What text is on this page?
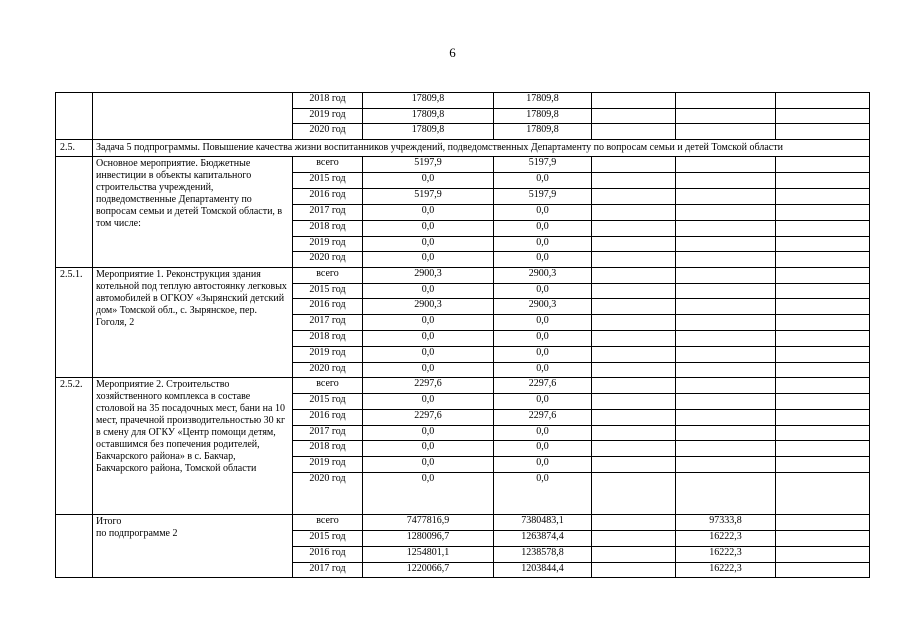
6
		2018 год	17809,8	17809,8			
		2019 год	17809,8	17809,8			
		2020 год	17809,8	17809,8			
2.5.	Задача 5 подпрограммы. Повышение качества жизни воспитанников учреждений, подведомственных Департаменту по вопросам семьи и детей Томской области						
	Основное мероприятие. Бюджетные инвестиции в объекты капитального строительства учреждений, подведомственные Департаменту по вопросам семьи и детей Томской области, в том числе:	всего	5197,9	5197,9			
		2015 год	0,0	0,0			
		2016 год	5197,9	5197,9			
		2017 год	0,0	0,0			
		2018 год	0,0	0,0			
		2019 год	0,0	0,0			
		2020 год	0,0	0,0			
2.5.1.	Мероприятие 1. Реконструкция здания котельной под теплую автостоянку легковых автомобилей в ОГКОУ «Зырянский детский дом» Томской обл., с. Зырянское, пер. Гоголя, 2	всего	2900,3	2900,3			
		2015 год	0,0	0,0			
		2016 год	2900,3	2900,3			
		2017 год	0,0	0,0			
		2018 год	0,0	0,0			
		2019 год	0,0	0,0			
		2020 год	0,0	0,0			
2.5.2.	Мероприятие 2. Строительство хозяйственного комплекса в составе столовой на 35 посадочных мест, бани на 10 мест, прачечной производительностью 30 кг в смену для ОГКУ «Центр помощи детям, оставшимся без попечения родителей, Бакчарского района» в с. Бакчар, Бакчарского района, Томской области	всего	2297,6	2297,6			
		2015 год	0,0	0,0			
		2016 год	2297,6	2297,6			
		2017 год	0,0	0,0			
		2018 год	0,0	0,0			
		2019 год	0,0	0,0			
		2020 год	0,0	0,0			
	Итого
по подпрограмме 2	всего	7477816,9	7380483,1		97333,8	
		2015 год	1280096,7	1263874,4		16222,3	
		2016 год	1254801,1	1238578,8		16222,3	
		2017 год	1220066,7	1203844,4		16222,3	
